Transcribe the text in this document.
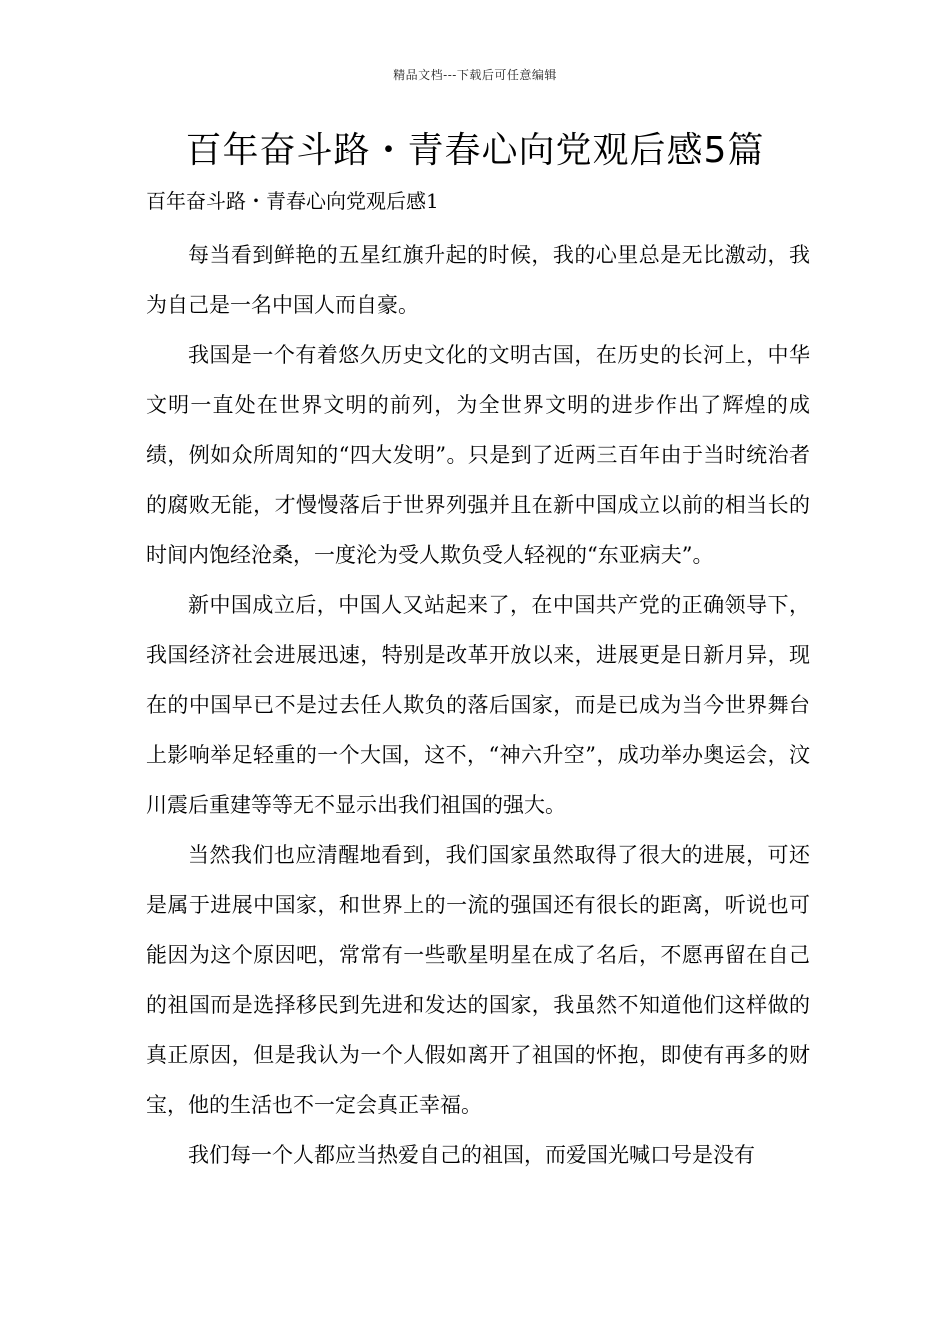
精品文档---下载后可任意编辑
百年奋斗路・青春心向党观后感5篇
百年奋斗路・青春心向党观后感1

每当看到鲜艳的五星红旗升起的时候，我的心里总是无比激动，我为自己是一名中国人而自豪。

我国是一个有着悠久历史文化的文明古国，在历史的长河上，中华文明一直处在世界文明的前列，为全世界文明的进步作出了辉煌的成绩，例如众所周知的“四大发明”。只是到了近两三百年由于当时统治者的腐败无能，才慢慢落后于世界列强并且在新中国成立以前的相当长的时间内饱经沧桑，一度沦为受人欺负受人轻视的“东亚病夫”。

新中国成立后，中国人又站起来了，在中国共产党的正确领导下，我国经济社会进展迅速，特别是改革开放以来，进展更是日新月异，现在的中国早已不是过去任人欺负的落后国家，而是已成为当今世界舞台上影响举足轻重的一个大国，这不，“神六升空”，成功举办奥运会，汶川震后重建等等无不显示出我们祖国的强大。

当然我们也应清醒地看到，我们国家虽然取得了很大的进展，可还是属于进展中国家，和世界上的一流的强国还有很长的距离，听说也可能因为这个原因吧，常常有一些歌星明星在成了名后，不愿再留在自己的祖国而是选择移民到先进和发达的国家，我虽然不知道他们这样做的真正原因，但是我认为一个人假如离开了祖国的怀抱，即使有再多的财宝，他的生活也不一定会真正幸福。

我们每一个人都应当热爱自己的祖国，而爱国光喊口号是没有
